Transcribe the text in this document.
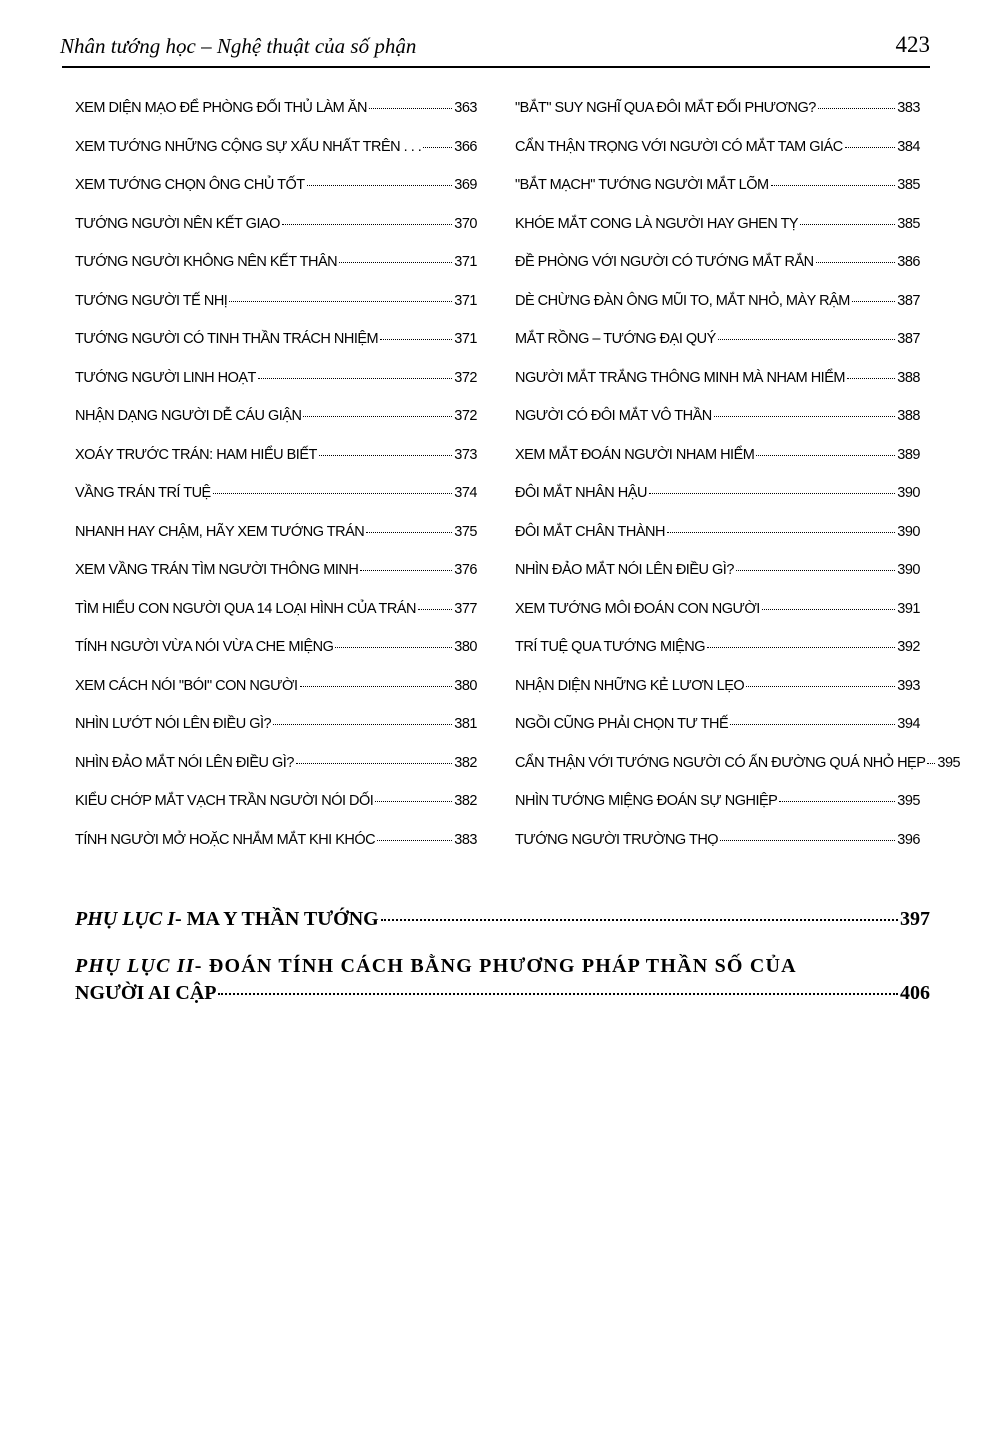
Nhân tướng học – Nghệ thuật của số phận	423
XEM DIỆN MẠO ĐỂ PHÒNG ĐỐI THỦ LÀM ĂN	363
XEM TƯỚNG NHỮNG CỘNG SỰ XẤU NHẤT TRÊN . . . 366
XEM TƯỚNG CHỌN ÔNG CHỦ TỐT	369
TƯỚNG NGƯỜI NÊN KẾT GIAO	370
TƯỚNG NGƯỜI KHÔNG NÊN KẾT THÂN	371
TƯỚNG NGƯỜI TẾ NHỊ	371
TƯỚNG NGƯỜI CÓ TINH THẦN TRÁCH NHIỆM	371
TƯỚNG NGƯỜI LINH HOẠT	372
NHẬN DẠNG NGƯỜI DỄ CÁU GIẬN	372
XOÁY TRƯỚC TRÁN: HAM HIỂU BIẾT	373
VẦNG TRÁN TRÍ TUỆ	374
NHANH HAY CHẬM, HÃY XEM TƯỚNG TRÁN	375
XEM VẦNG TRÁN TÌM NGƯỜI THÔNG MINH	376
TÌM HIỂU CON NGƯỜI QUA 14 LOẠI HÌNH CỦA TRÁN	377
TÍNH NGƯỜI VỪA NÓI VỪA CHE MIỆNG	380
XEM CÁCH NÓI "BÓI" CON NGƯỜI	380
NHÌN LƯỚT NÓI LÊN ĐIỀU GÌ?	381
NHÌN ĐẢO MẮT NÓI LÊN ĐIỀU GÌ?	382
KIỂU CHỚP MẮT VẠCH TRẦN NGƯỜI NÓI DỐI	382
TÍNH NGƯỜI MỞ HOẶC NHẮM MẮT KHI KHÓC	383
"BẮT" SUY NGHĨ QUA ĐÔI MẮT ĐỐI PHƯƠNG?	383
CẨN THẬN TRỌNG VỚI NGƯỜI CÓ MẮT TAM GIÁC	384
"BẮT MẠCH" TƯỚNG NGƯỜI MẮT LÕM	385
KHÓE MẮT CONG LÀ NGƯỜI HAY GHEN TỴ	385
ĐỀ PHÒNG VỚI NGƯỜI CÓ TƯỚNG MẮT RẮN	386
DÈ CHỪNG ĐÀN ÔNG MŨI TO, MẮT NHỎ, MÀY RẬM	387
MẮT RỒNG – TƯỚNG ĐẠI QUÝ	387
NGƯỜI MẮT TRẮNG THÔNG MINH MÀ NHAM HIỂM	388
NGƯỜI CÓ ĐÔI MẮT VÔ THẦN	388
XEM MẮT ĐOÁN NGƯỜI NHAM HIỂM	389
ĐÔI MẮT NHÂN HẬU	390
ĐÔI MẮT CHÂN THÀNH	390
NHÌN ĐẢO MẮT NÓI LÊN ĐIỀU GÌ?	390
XEM TƯỚNG MÔI ĐOÁN CON NGƯỜI	391
TRÍ TUỆ QUA TƯỚNG MIỆNG	392
NHẬN DIỆN NHỮNG KẺ LƯƠN LẸO	393
NGỒI CŨNG PHẢI CHỌN TƯ THẾ	394
CẨN THẬN VỚI TƯỚNG NGƯỜI CÓ ẤN ĐƯỜNG QUÁ NHỎ HẸP 395
NHÌN TƯỚNG MIỆNG ĐOÁN SỰ NGHIỆP	395
TƯỚNG NGƯỜI TRƯỜNG THỌ	396
PHỤ LỤC I - MA Y THẦN TƯỚNG	397
PHỤ LỤC II - ĐOÁN TÍNH CÁCH BẰNG PHƯƠNG PHÁP THẦN SỐ CỦA
NGƯỜI AI CẬP	406
